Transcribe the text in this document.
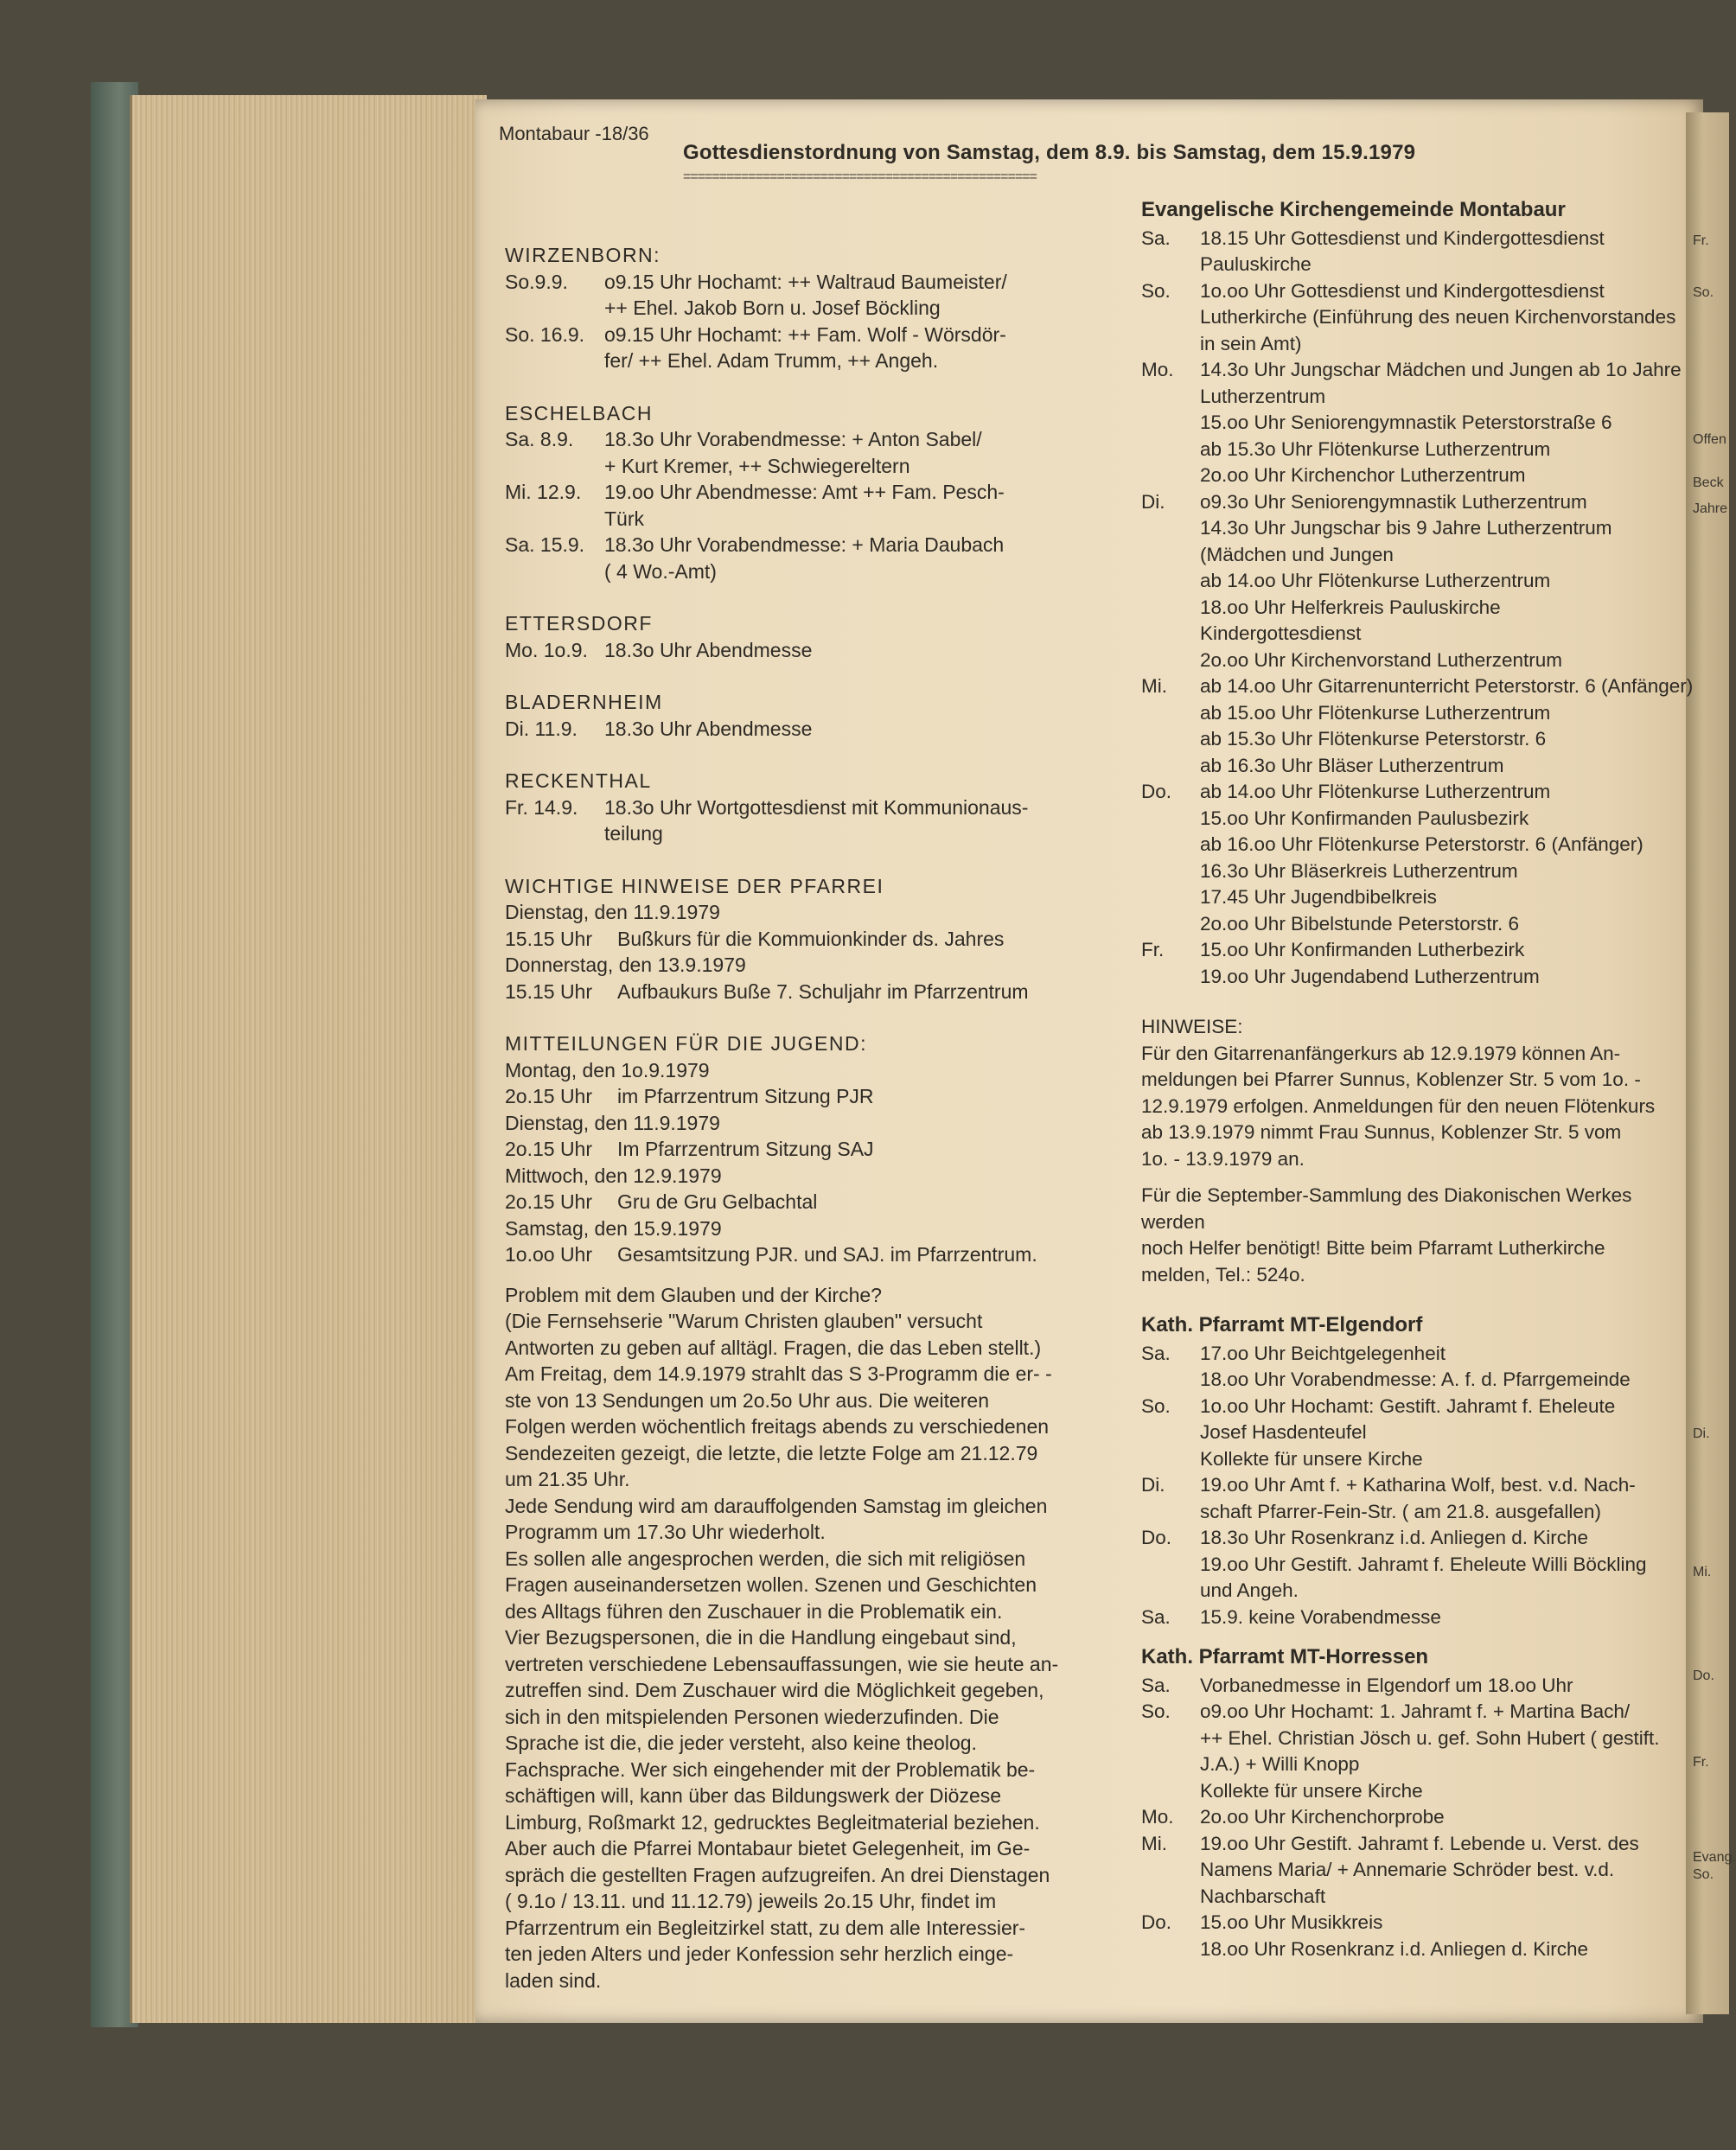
Fr.
So.
Offen
Beck
Jahre
Di.
Mi.
Do.
Fr.
Evang.
So.
Montabaur -18/36
Gottesdienstordnung von Samstag, dem 8.9. bis Samstag, dem 15.9.1979
=================================================
WIRZENBORN:
So.9.9.	o9.15 Uhr Hochamt: ++ Waltraud Baumeister/
++ Ehel. Jakob Born u. Josef Böckling
So. 16.9. o9.15 Uhr Hochamt: ++ Fam. Wolf - Wörsdör-
fer/ ++ Ehel. Adam Trumm, ++ Angeh.
ESCHELBACH
Sa. 8.9.	18.3o Uhr Vorabendmesse: + Anton Sabel/
+ Kurt Kremer, ++ Schwiegereltern
Mi. 12.9.	19.oo Uhr Abendmesse: Amt ++ Fam. Pesch-
Türk
Sa. 15.9. 18.3o Uhr Vorabendmesse: + Maria Daubach
( 4 Wo.-Amt)
ETTERSDORF
Mo. 1o.9. 18.3o Uhr Abendmesse
BLADERNHEIM
Di. 11.9.	18.3o Uhr Abendmesse
RECKENTHAL
Fr. 14.9.	18.3o Uhr Wortgottesdienst mit Kommunionaus-
teilung
WICHTIGE HINWEISE DER PFARREI
Dienstag, den 11.9.1979
15.15 Uhr	Bußkurs für die Kommuionkinder ds. Jahres
Donnerstag, den 13.9.1979
15.15 Uhr	Aufbaukurs Buße 7. Schuljahr im Pfarrzentrum
MITTEILUNGEN FÜR DIE JUGEND:
Montag, den 1o.9.1979
2o.15 Uhr	im Pfarrzentrum Sitzung PJR
Dienstag, den 11.9.1979
2o.15 Uhr	Im Pfarrzentrum Sitzung SAJ
Mittwoch, den 12.9.1979
2o.15 Uhr	Gru de Gru Gelbachtal
Samstag, den 15.9.1979
1o.oo Uhr	Gesamtsitzung PJR. und SAJ. im Pfarrzentrum.
Problem mit dem Glauben und der Kirche?
(Die Fernsehserie "Warum Christen glauben" versucht
Antworten zu geben auf alltägl. Fragen, die das Leben stellt.)
Am Freitag, dem 14.9.1979 strahlt das S 3-Programm die er- -
ste von 13 Sendungen um 2o.5o Uhr aus. Die weiteren
Folgen werden wöchentlich freitags abends zu verschiedenen
Sendezeiten gezeigt, die letzte, die letzte Folge am 21.12.79
um 21.35 Uhr.
Jede Sendung wird am darauffolgenden Samstag im gleichen
Programm um 17.3o Uhr wiederholt.
Es sollen alle angesprochen werden, die sich mit religiösen
Fragen auseinandersetzen wollen. Szenen und Geschichten
des Alltags führen den Zuschauer in die Problematik ein.
Vier Bezugspersonen, die in die Handlung eingebaut sind,
vertreten verschiedene Lebensauffassungen, wie sie heute an-
zutreffen sind. Dem Zuschauer wird die Möglichkeit gegeben,
sich in den mitspielenden Personen wiederzufinden. Die
Sprache ist die, die jeder versteht, also keine theolog.
Fachsprache. Wer sich eingehender mit der Problematik be-
schäftigen will, kann über das Bildungswerk der Diözese
Limburg, Roßmarkt 12, gedrucktes Begleitmaterial beziehen.
Aber auch die Pfarrei Montabaur bietet Gelegenheit, im Ge-
spräch die gestellten Fragen aufzugreifen. An drei Dienstagen
( 9.1o / 13.11. und 11.12.79) jeweils 2o.15 Uhr, findet im
Pfarrzentrum ein Begleitzirkel statt, zu dem alle Interessier-
ten jeden Alters und jeder Konfession sehr herzlich einge-
laden sind.
Evangelische Kirchengemeinde Montabaur
Sa.	18.15 Uhr Gottesdienst und Kindergottesdienst
Pauluskirche
So.	1o.oo Uhr Gottesdienst und Kindergottesdienst
Lutherkirche (Einführung des neuen Kirchenvorstandes
in sein Amt)
Mo.	14.3o Uhr Jungschar Mädchen und Jungen ab 1o Jahre
Lutherzentrum
15.oo Uhr Seniorengymnastik Peterstorstraße 6
ab 15.3o Uhr Flötenkurse Lutherzentrum
2o.oo Uhr Kirchenchor Lutherzentrum
Di.	o9.3o Uhr Seniorengymnastik Lutherzentrum
14.3o Uhr Jungschar bis 9 Jahre Lutherzentrum
(Mädchen und Jungen
ab 14.oo Uhr Flötenkurse Lutherzentrum
18.oo Uhr Helferkreis Pauluskirche
Kindergottesdienst
2o.oo Uhr Kirchenvorstand Lutherzentrum
Mi.	ab 14.oo Uhr Gitarrenunterricht Peterstorstr. 6 (Anfänger)
ab 15.oo Uhr Flötenkurse Lutherzentrum
ab 15.3o Uhr Flötenkurse Peterstorstr. 6
ab 16.3o Uhr Bläser Lutherzentrum
Do.	ab 14.oo Uhr Flötenkurse Lutherzentrum
15.oo Uhr Konfirmanden Paulusbezirk
ab 16.oo Uhr Flötenkurse Peterstorstr. 6 (Anfänger)
16.3o Uhr Bläserkreis Lutherzentrum
17.45 Uhr Jugendbibelkreis
2o.oo Uhr Bibelstunde Peterstorstr. 6
Fr.	15.oo Uhr Konfirmanden Lutherbezirk
19.oo Uhr Jugendabend Lutherzentrum
HINWEISE:
Für den Gitarrenanfängerkurs ab 12.9.1979 können An-
meldungen bei Pfarrer Sunnus, Koblenzer Str. 5 vom 1o. -
12.9.1979 erfolgen. Anmeldungen für den neuen Flötenkurs
ab 13.9.1979 nimmt Frau Sunnus, Koblenzer Str. 5 vom
1o. - 13.9.1979 an.
Für die September-Sammlung des Diakonischen Werkes werden
noch Helfer benötigt! Bitte beim Pfarramt Lutherkirche
melden, Tel.: 524o.
Kath. Pfarramt MT-Elgendorf
Sa.	17.oo Uhr Beichtgelegenheit
18.oo Uhr Vorabendmesse: A. f. d. Pfarrgemeinde
So.	1o.oo Uhr Hochamt: Gestift. Jahramt f. Eheleute
Josef Hasdenteufel
Kollekte für unsere Kirche
Di.	19.oo Uhr Amt f. + Katharina Wolf, best. v.d. Nach-
schaft Pfarrer-Fein-Str. ( am 21.8. ausgefallen)
Do.	18.3o Uhr Rosenkranz i.d. Anliegen d. Kirche
19.oo Uhr Gestift. Jahramt f. Eheleute Willi Böckling
und Angeh.
Sa.	15.9. keine Vorabendmesse
Kath. Pfarramt MT-Horressen
Sa.	Vorbanedmesse in Elgendorf um 18.oo Uhr
So.	o9.oo Uhr Hochamt: 1. Jahramt f. + Martina Bach/
++ Ehel. Christian Jösch u. gef. Sohn Hubert ( gestift.
J.A.) + Willi Knopp
Kollekte für unsere Kirche
Mo.	2o.oo Uhr Kirchenchorprobe
Mi.	19.oo Uhr Gestift. Jahramt f. Lebende u. Verst. des
Namens Maria/ + Annemarie Schröder best. v.d.
Nachbarschaft
Do.	15.oo Uhr Musikkreis
18.oo Uhr Rosenkranz i.d. Anliegen d. Kirche
